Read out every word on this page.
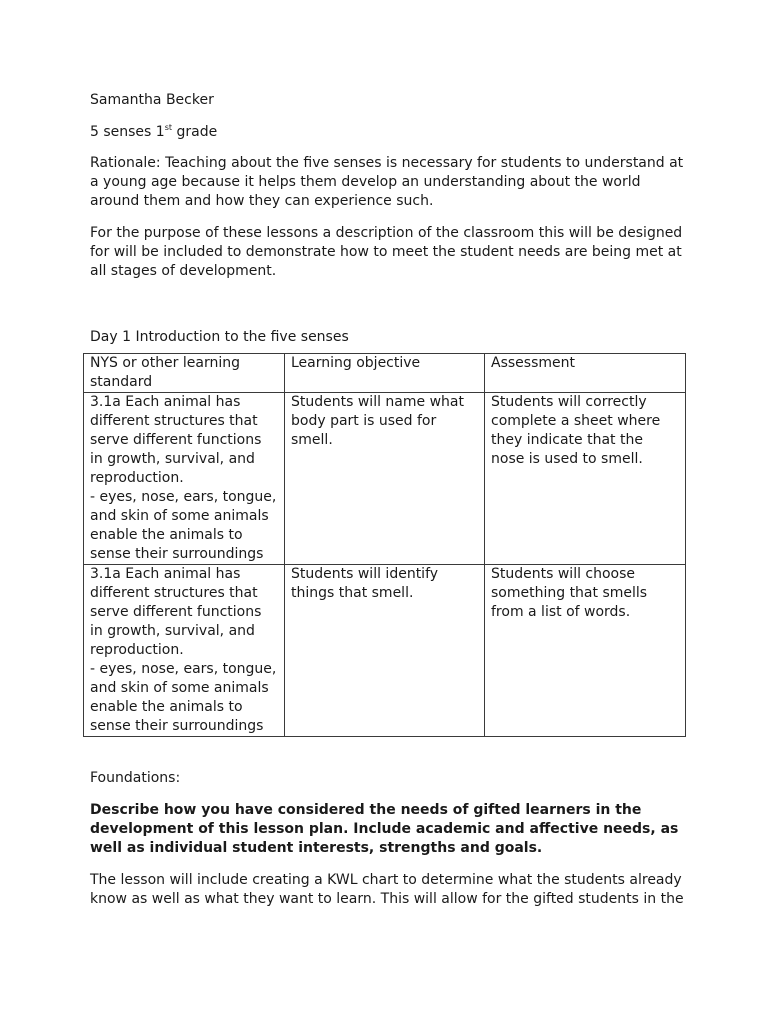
Samantha Becker

5 senses 1st grade

Rationale: Teaching about the five senses is necessary for students to understand at a young age because it helps them develop an understanding about the world around them and how they can experience such.

For the purpose of these lessons a description of the classroom this will be designed for will be included to demonstrate how to meet the student needs are being met at all stages of development.

Day 1 Introduction to the five senses

NYS or other learning standard	Learning objective	Assessment

3.1a Each animal has different structures that serve different functions in growth, survival, and reproduction.
- eyes, nose, ears, tongue, and skin of some animals enable the animals to sense their surroundings	Students will name what body part is used for smell.	Students will correctly complete a sheet where they indicate that the nose is used to smell.

3.1a Each animal has different structures that serve different functions in growth, survival, and reproduction.
- eyes, nose, ears, tongue, and skin of some animals enable the animals to sense their surroundings	Students will identify things that smell.	Students will choose something that smells from a list of words.

Foundations:

Describe how you have considered the needs of gifted learners in the development of this lesson plan. Include academic and affective needs, as well as individual student interests, strengths and goals.

The lesson will include creating a KWL chart to determine what the students already know as well as what they want to learn. This will allow for the gifted students in the
